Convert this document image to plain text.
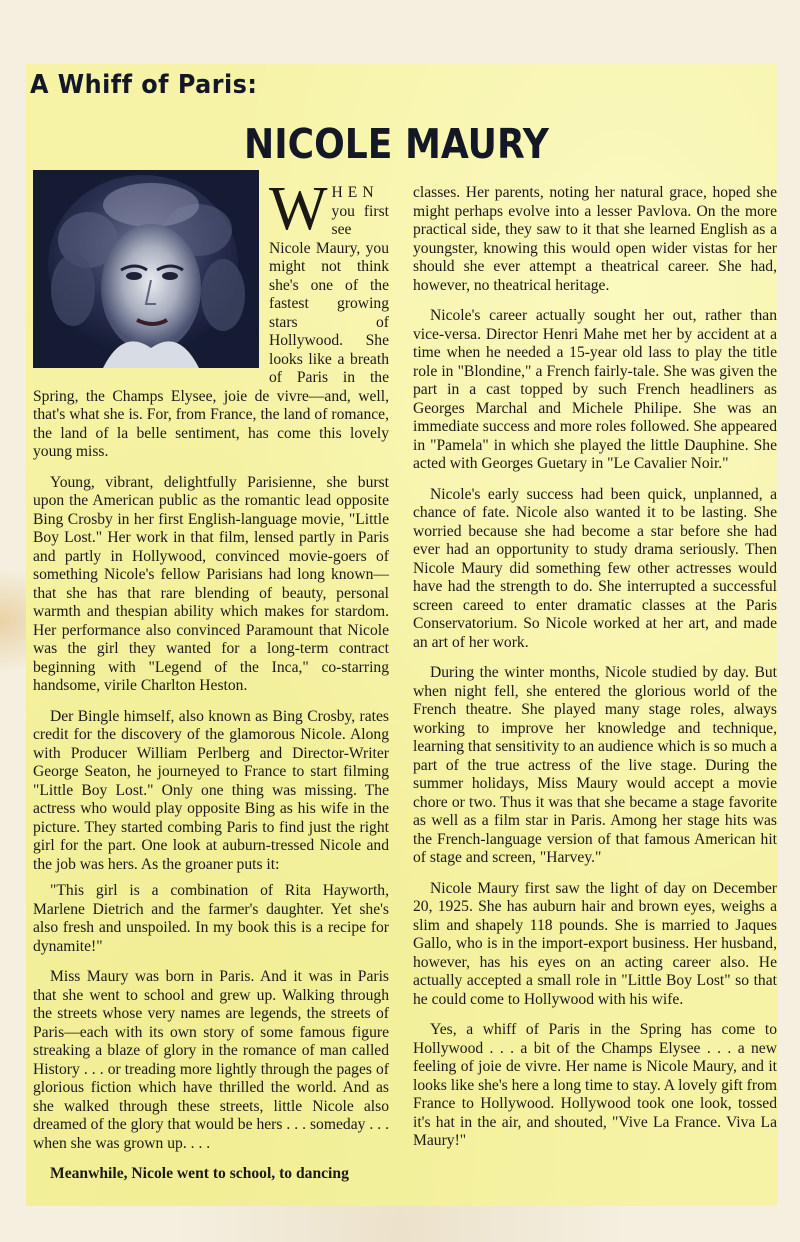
A Whiff of Paris:
NICOLE MAURY

WHEN you first see Nicole Maury, you might not think she's one of the fastest growing stars of Hollywood. She looks like a breath of Paris in the Spring, the Champs Elysee, joie de vivre—and, well, that's what she is. For, from France, the land of romance, the land of la belle sentiment, has come this lovely young miss.

Young, vibrant, delightfully Parisienne, she burst upon the American public as the romantic lead opposite Bing Crosby in her first English-language movie, "Little Boy Lost." Her work in that film, lensed partly in Paris and partly in Hollywood, convinced movie-goers of something Nicole's fellow Parisians had long known—that she has that rare blending of beauty, personal warmth and thespian ability which makes for stardom. Her performance also convinced Paramount that Nicole was the girl they wanted for a long-term contract beginning with "Legend of the Inca," co-starring handsome, virile Charlton Heston.

Der Bingle himself, also known as Bing Crosby, rates credit for the discovery of the glamorous Nicole. Along with Producer William Perlberg and Director-Writer George Seaton, he journeyed to France to start filming "Little Boy Lost." Only one thing was missing. The actress who would play opposite Bing as his wife in the picture. They started combing Paris to find just the right girl for the part. One look at auburn-tressed Nicole and the job was hers. As the groaner puts it:

"This girl is a combination of Rita Hayworth, Marlene Dietrich and the farmer's daughter. Yet she's also fresh and unspoiled. In my book this is a recipe for dynamite!"

Miss Maury was born in Paris. And it was in Paris that she went to school and grew up. Walking through the streets whose very names are legends, the streets of Paris—each with its own story of some famous figure streaking a blaze of glory in the romance of man called History . . . or treading more lightly through the pages of glorious fiction which have thrilled the world. And as she walked through these streets, little Nicole also dreamed of the glory that would be hers . . . someday . . . when she was grown up. . . .

Meanwhile, Nicole went to school, to dancing

classes. Her parents, noting her natural grace, hoped she might perhaps evolve into a lesser Pavlova. On the more practical side, they saw to it that she learned English as a youngster, knowing this would open wider vistas for her should she ever attempt a theatrical career. She had, however, no theatrical heritage.

Nicole's career actually sought her out, rather than vice-versa. Director Henri Mahe met her by accident at a time when he needed a 15-year old lass to play the title role in "Blondine," a French fairly-tale. She was given the part in a cast topped by such French headliners as Georges Marchal and Michele Philipe. She was an immediate success and more roles followed. She appeared in "Pamela" in which she played the little Dauphine. She acted with Georges Guetary in "Le Cavalier Noir."

Nicole's early success had been quick, unplanned, a chance of fate. Nicole also wanted it to be lasting. She worried because she had become a star before she had ever had an opportunity to study drama seriously. Then Nicole Maury did something few other actresses would have had the strength to do. She interrupted a successful screen careed to enter dramatic classes at the Paris Conservatorium. So Nicole worked at her art, and made an art of her work.

During the winter months, Nicole studied by day. But when night fell, she entered the glorious world of the French theatre. She played many stage roles, always working to improve her knowledge and technique, learning that sensitivity to an audience which is so much a part of the true actress of the live stage. During the summer holidays, Miss Maury would accept a movie chore or two. Thus it was that she became a stage favorite as well as a film star in Paris. Among her stage hits was the French-language version of that famous American hit of stage and screen, "Harvey."

Nicole Maury first saw the light of day on December 20, 1925. She has auburn hair and brown eyes, weighs a slim and shapely 118 pounds. She is married to Jaques Gallo, who is in the import-export business. Her husband, however, has his eyes on an acting career also. He actually accepted a small role in "Little Boy Lost" so that he could come to Hollywood with his wife.

Yes, a whiff of Paris in the Spring has come to Hollywood . . . a bit of the Champs Elysee . . . a new feeling of joie de vivre. Her name is Nicole Maury, and it looks like she's here a long time to stay. A lovely gift from France to Hollywood. Hollywood took one look, tossed it's hat in the air, and shouted, "Vive La France. Viva La Maury!"
